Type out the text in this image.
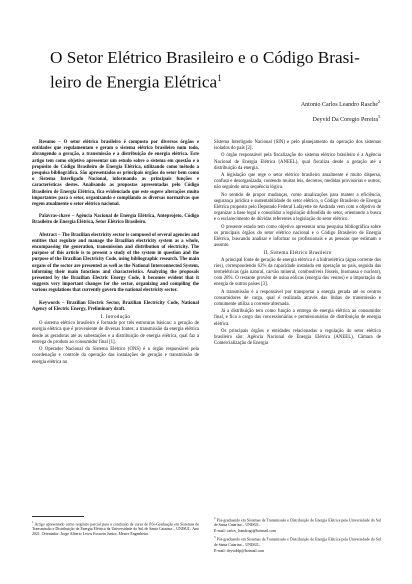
O Setor Elétrico Brasileiro e o Código Brasi-leiro de Energia Elétrica$^1$
Antonio Carlos Leandro Rasche$^2$
Deyvid Da Coregio Pereira$^3$

Resumo – O setor elétrico brasileiro é composto por diversos órgãos e entidades que regulamentam e geram o sistema elétrico brasileiro num todo, abrangendo a geração, a transmissão e a distribuição de energia elétrica. Este artigo tem como objetivo apresentar um estudo sobre o sistema em questão e o propósito do Código Brasileiro de Energia Elétrica, utilizando como método a pesquisa bibliográfica. São apresentados os principais órgãos do setor bem como o Sistema Interligado Nacional, informando as principais funções e características destes. Analisando as propostas apresentadas pelo Código Brasileiro de Energia Elétrica, fica evidenciado que este sugere alterações muito importantes para o setor, organizando e compilando as diversas normativas que regem atualmente o setor elétrico nacional.

Palavras-chave – Agência Nacional de Energia Elétrica, Anteprojeto, Código Brasileiro de Energia Elétrica, Setor Elétrico Brasileiro.

Abstract – The Brazilian electricity sector is composed of several agencies and entities that regulate and manage the Brazilian electricity system as a whole, encompassing the generation, transmission and distribution of electricity. The purpose of this article is to present a study of the system in question and the purpose of the Brazilian Electricity Code, using bibliographic research. The main organs of the sector are presented as well as the National Interconnected System, informing their main functions and characteristics. Analyzing the proposals presented by the Brazilian Electric Energy Code, it becomes evident that it suggests very important changes for the sector, organizing and compiling the various regulations that currently govern the national electricity sector.

Keywords – Brazilian Electric Sector, Brazilian Electricity Code, National Agency of Electric Energy, Preliminary draft.

I. Introdução

O sistema elétrico brasileiro é formado por três estruturas básicas: a geração de energia elétrica que é proveniente de diversas fontes; a transmissão da energia elétrica desde as geradoras até as subestações e a distribuição de energia elétrica, qual faz a entrega do produto ao consumidor final [1].

O Operador Nacional do Sistema Elétrico (ONS) é o órgão responsável pela coordenação e controle da operação das instalações de geração e transmissão de energia elétrica no

Sistema Interligado Nacional (SIN) e pelo planejamento da operação dos sistemas isolados do país [2].

O órgão responsável pela fiscalização do sistema elétrico brasileiro é a Agência Nacional de Energia Elétrica (ANEEL), qual fiscaliza desde a geração até a distribuição da energia.

A legislação que rege o setor elétrico brasileiro atualmente é muito dispersa, confusa e desorganizada, contendo muitas leis, decretos, medidas provisórias e outros, não seguindo uma sequência lógica.

No sentido de propor mudanças, como atualizações para manter a eficiência, segurança jurídica e sustentabilidade do setor elétrico, o Código Brasileiro de Energia Elétrica proposto pelo Deputado Federal Lafayette de Andrada vem com o objetivo de organizar a base legal e consolidar a legislação difundida do setor, orientando a busca e o esclarecimento de dúvidas referentes a legislação do setor elétrico.

O presente estudo tem como objetivo apresentar uma pesquisa bibliográfica sobre os principais órgãos do setor elétrico nacional e o Código Brasileiro de Energia Elétrica, buscando analisar e informar os profissionais e as pessoas que estimam o assunto.

II. Sistema Elétrico Brasileiro

A principal fonte de geração de energia elétrica é a hidroelétrica (água corrente dos rios), correspondendo 62% da capacidade instalada em operação no país, seguida das termelétricas (gás natural, carvão mineral, combustíveis fósseis, biomassa e nuclear), com 28%. O restante provém de usina eólicas (energia dos ventos) e a importação da energia de outros países [3].

A transmissão é a responsável por transportar a energia gerada até os centros consumidores de carga, qual é realizada através das linhas de transmissão e comumente utiliza a corrente alternada.

Já a distribuição tem como função a entrega de energia elétrica ao consumidor final, e fica a cargo das concessionárias e permissionárias de distribuição de energia elétrica.

Os principais órgãos e entidades relacionadas a regulação do setor elétrico brasileiro são: Agência Nacional de Energia Elétrica (ANEEL), Câmara de Comercialização de Energia

$^1$ Artigo apresentado como requisito parcial para a conclusão de curso de Pós-Graduação em Sistemas de Transmissão e Distribuição de Energia Elétrica da Universidade do Sul de Santa Catarina – UNISUL. Ano 2021. Orientador: Jorge Alberto Lewis Esswein Junior, Mestre Engenheiro.

$^2$ Pós-graduando em Sistemas de Transmissão e Distribuição de Energia Elétrica pela Universidade do Sul de Santa Catarina – UNISUL.

E-mail: carlos_leandrogr@hotmail.com

$^3$ Pós-graduando em Sistemas de Transmissão e Distribuição de Energia Elétrica pela Universidade do Sul de Santa Catarina – UNISUL.

E-mail: deyviddp@hotmail.com
